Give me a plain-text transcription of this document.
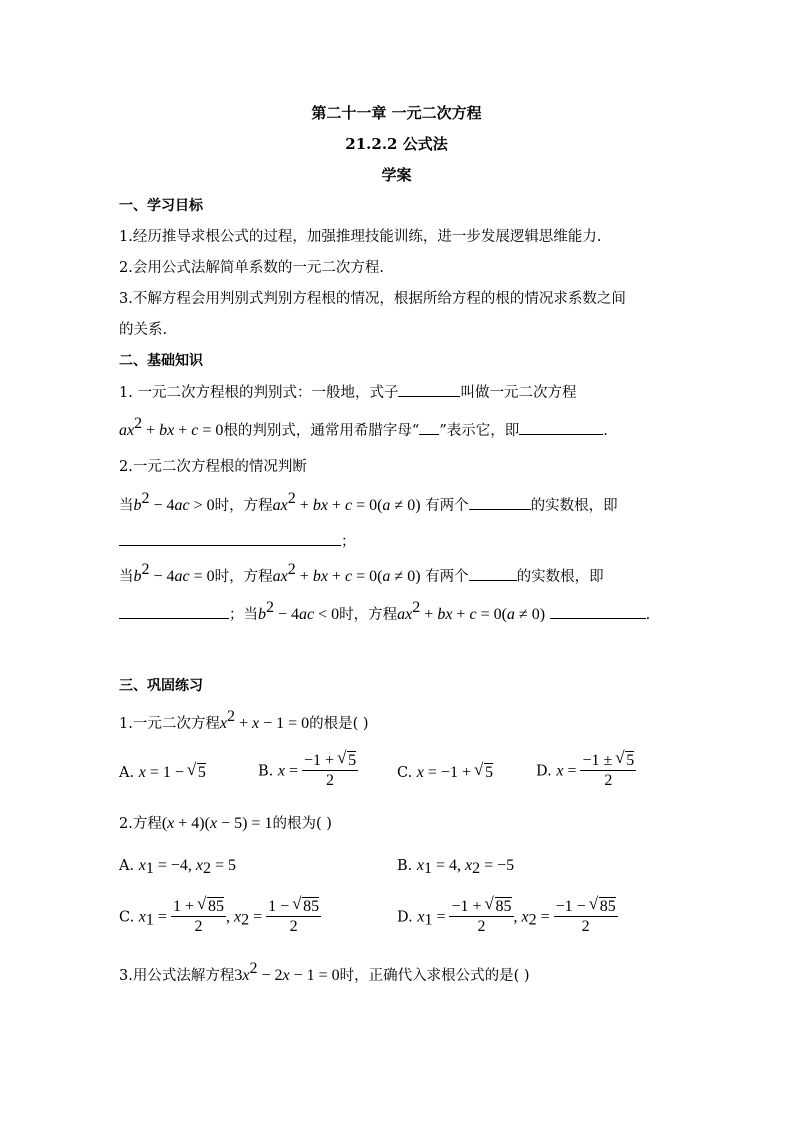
第二十一章 一元二次方程
21.2.2 公式法
学案
一、学习目标
1.经历推导求根公式的过程，加强推理技能训练，进一步发展逻辑思维能力.
2.会用公式法解简单系数的一元二次方程.
3.不解方程会用判别式判别方程根的情况，根据所给方程的根的情况求系数之间
的关系.
二、基础知识
1. 一元二次方程根的判别式：一般地，式子	叫做一元二次方程
$ax^2$ + bx + c = 0根的判别式，通常用希腊字母“ ”表示它，即	.
2.一元二次方程根的情况判断
当$b^2 - 4ac > 0$时，方程$ax^2$ + bx + c = 0(a ≠ 0) 有两个	的实数根，即
；
当$b^2 - 4ac = 0$时，方程$ax^2$ + bx + c = 0(a ≠ 0) 有两个	的实数根，即
；当$b^2 - 4ac < 0$时，方程$ax^2$ + bx + c = 0(a ≠ 0)	.
三、巩固练习
1.一元二次方程$x^2 + x - 1 = 0$的根是( )
A. x = 1 − √ 5	B. $x = \frac{-1 + √ 5}{2}$	C. x = −1 + √ 5	D. $x = \frac{-1 \pm √ 5}{2}$
2.方程(x + 4)(x − 5) = 1的根为( )
A. $x_1 = -4$, $x_2 = 5$	B. $x_1 = 4$, $x_2 = -5$
C. $x_1 = \frac{1 + √ 85}{2}$ , $x_2 = \frac{1 - √ 85}{2}$	D. $x_1 = \frac{-1 + √ 85}{2}$ , $x_2 = \frac{-1 - √ 85}{2}$
3.用公式法解方程$3x^2 - 2x - 1 = 0$时，正确代入求根公式的是( )
